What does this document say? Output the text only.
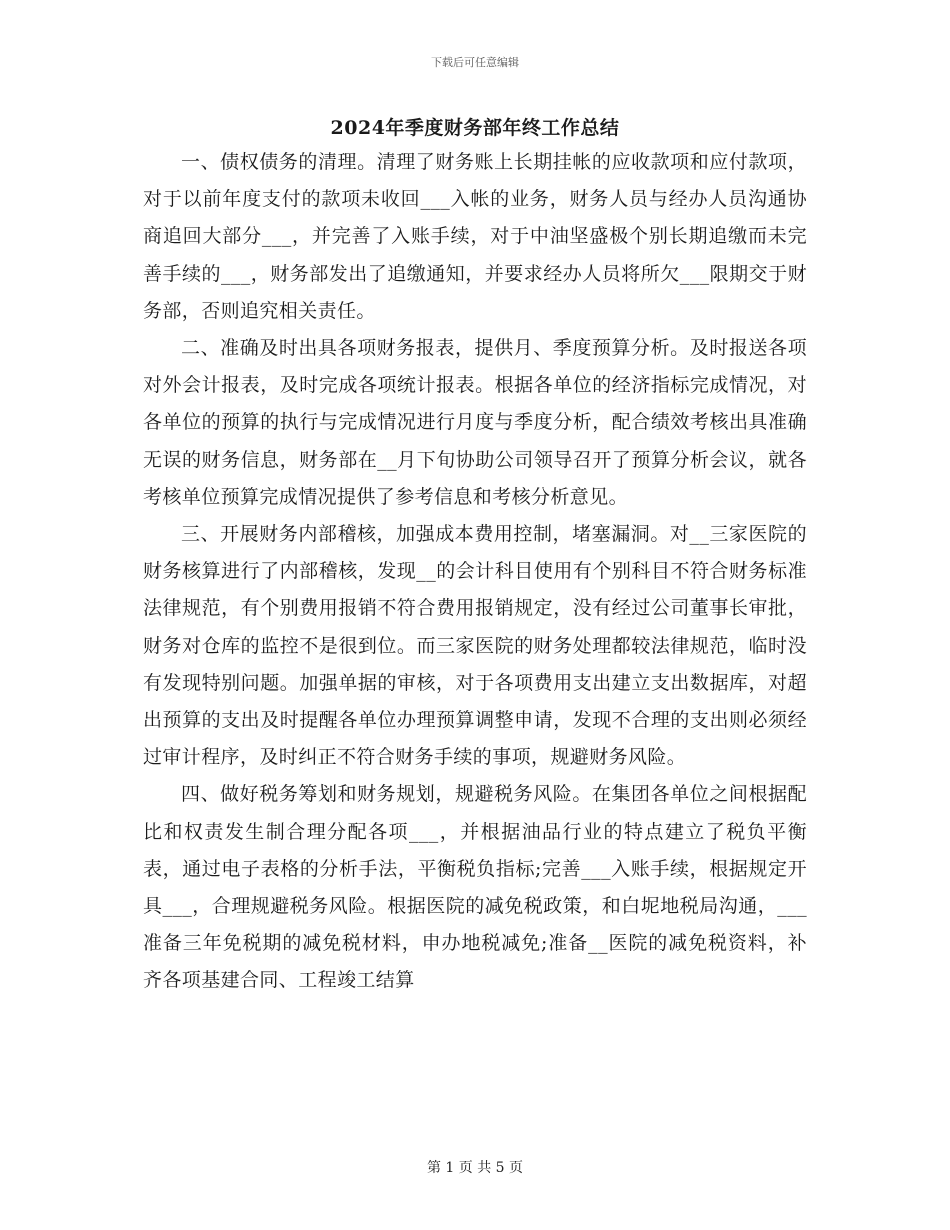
下载后可任意编辑
2024年季度财务部年终工作总结

一、债权债务的清理。清理了财务账上长期挂帐的应收款项和应付款项，对于以前年度支付的款项未收回___入帐的业务，财务人员与经办人员沟通协商追回大部分___，并完善了入账手续，对于中油坚盛极个别长期追缴而未完善手续的___，财务部发出了追缴通知，并要求经办人员将所欠___限期交于财务部，否则追究相关责任。

二、准确及时出具各项财务报表，提供月、季度预算分析。及时报送各项对外会计报表，及时完成各项统计报表。根据各单位的经济指标完成情况，对各单位的预算的执行与完成情况进行月度与季度分析，配合绩效考核出具准确无误的财务信息，财务部在__月下旬协助公司领导召开了预算分析会议，就各考核单位预算完成情况提供了参考信息和考核分析意见。

三、开展财务内部稽核，加强成本费用控制，堵塞漏洞。对__三家医院的财务核算进行了内部稽核，发现__的会计科目使用有个别科目不符合财务标准法律规范，有个别费用报销不符合费用报销规定，没有经过公司董事长审批，财务对仓库的监控不是很到位。而三家医院的财务处理都较法律规范，临时没有发现特别问题。加强单据的审核，对于各项费用支出建立支出数据库，对超出预算的支出及时提醒各单位办理预算调整申请，发现不合理的支出则必须经过审计程序，及时纠正不符合财务手续的事项，规避财务风险。

四、做好税务筹划和财务规划，规避税务风险。在集团各单位之间根据配比和权责发生制合理分配各项___，并根据油品行业的特点建立了税负平衡表，通过电子表格的分析手法，平衡税负指标;完善___入账手续，根据规定开具___，合理规避税务风险。根据医院的减免税政策，和白坭地税局沟通，___准备三年免税期的减免税材料，申办地税减免;准备__医院的减免税资料，补齐各项基建合同、工程竣工结算

第 1 页 共 5 页
